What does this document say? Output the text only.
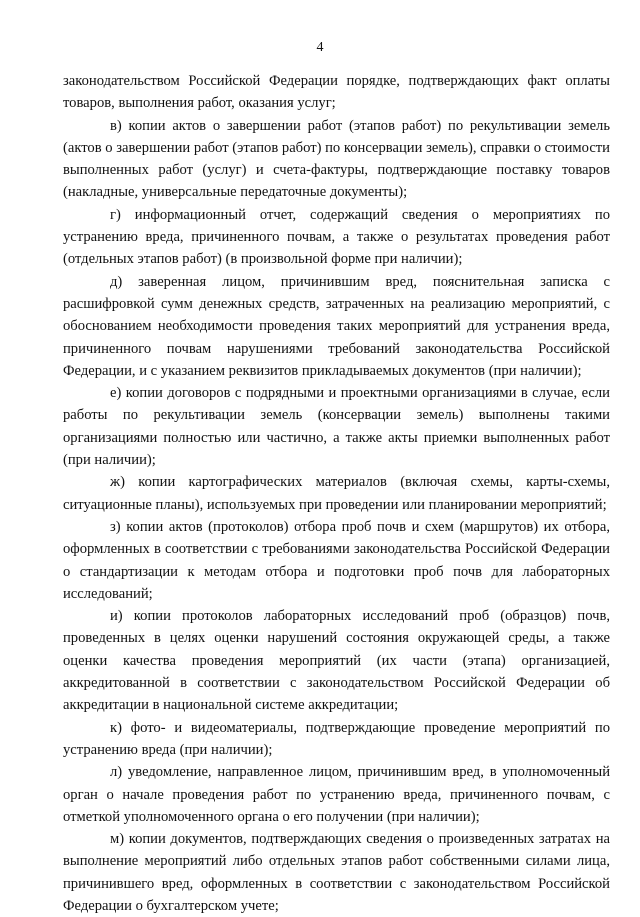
4

законодательством Российской Федерации порядке, подтверждающих факт оплаты товаров, выполнения работ, оказания услуг;

в) копии актов о завершении работ (этапов работ) по рекультивации земель (актов о завершении работ (этапов работ) по консервации земель), справки о стоимости выполненных работ (услуг) и счета-фактуры, подтверждающие поставку товаров (накладные, универсальные передаточные документы);

г) информационный отчет, содержащий сведения о мероприятиях по устранению вреда, причиненного почвам, а также о результатах проведения работ (отдельных этапов работ) (в произвольной форме при наличии);

д) заверенная лицом, причинившим вред, пояснительная записка с расшифровкой сумм денежных средств, затраченных на реализацию мероприятий, с обоснованием необходимости проведения таких мероприятий для устранения вреда, причиненного почвам нарушениями требований законодательства Российской Федерации, и с указанием реквизитов прикладываемых документов (при наличии);

е) копии договоров с подрядными и проектными организациями в случае, если работы по рекультивации земель (консервации земель) выполнены такими организациями полностью или частично, а также акты приемки выполненных работ (при наличии);

ж) копии картографических материалов (включая схемы, карты-схемы, ситуационные планы), используемых при проведении или планировании мероприятий;

з) копии актов (протоколов) отбора проб почв и схем (маршрутов) их отбора, оформленных в соответствии с требованиями законодательства Российской Федерации о стандартизации к методам отбора и подготовки проб почв для лабораторных исследований;

и) копии протоколов лабораторных исследований проб (образцов) почв, проведенных в целях оценки нарушений состояния окружающей среды, а также оценки качества проведения мероприятий (их части (этапа) организацией, аккредитованной в соответствии с законодательством Российской Федерации об аккредитации в национальной системе аккредитации;

к) фото- и видеоматериалы, подтверждающие проведение мероприятий по устранению вреда (при наличии);

л) уведомление, направленное лицом, причинившим вред, в уполномоченный орган о начале проведения работ по устранению вреда, причиненного почвам, с отметкой уполномоченного органа о его получении (при наличии);

м) копии документов, подтверждающих сведения о произведенных затратах на выполнение мероприятий либо отдельных этапов работ собственными силами лица, причинившего вред, оформленных в соответствии с законодательством Российской Федерации о бухгалтерском учете;
